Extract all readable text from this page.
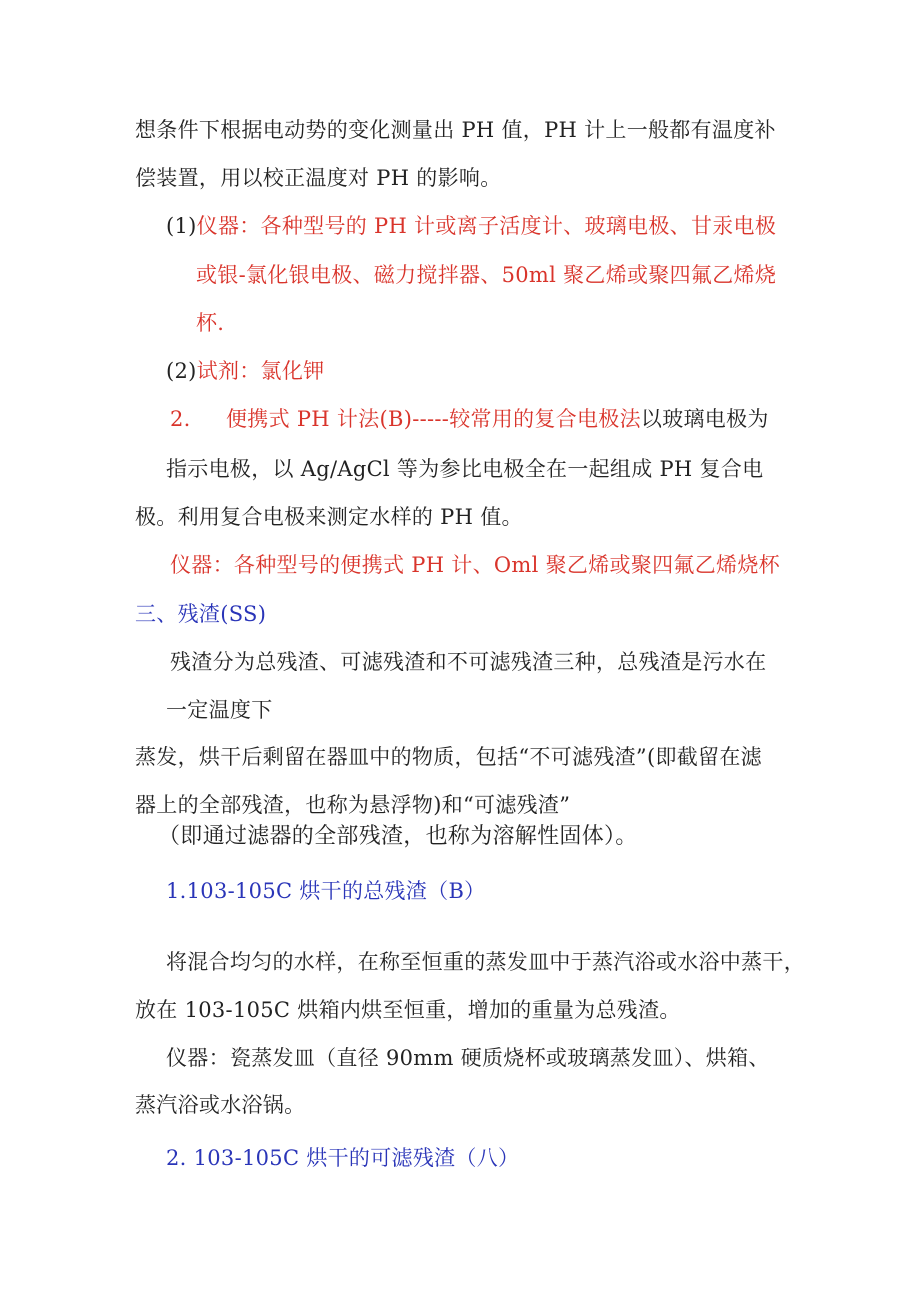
想条件下根据电动势的变化测量出 PH 值，PH 计上一般都有温度补
偿装置，用以校正温度对 PH 的影响。
(1)仪器：各种型号的 PH 计或离子活度计、玻璃电极、甘汞电极
或银-氯化银电极、磁力搅拌器、50ml 聚乙烯或聚四氟乙烯烧
杯.
(2)试剂：氯化钾
2. 便携式 PH 计法(B)-----较常用的复合电极法以玻璃电极为
指示电极，以 Ag/AgCl 等为参比电极全在一起组成 PH 复合电
极。利用复合电极来测定水样的 PH 值。
仪器：各种型号的便携式 PH 计、Oml 聚乙烯或聚四氟乙烯烧杯
三、残渣(SS)
残渣分为总残渣、可滤残渣和不可滤残渣三种，总残渣是污水在
一定温度下
蒸发，烘干后剩留在器皿中的物质，包括“不可滤残渣”(即截留在滤
器上的全部残渣，也称为悬浮物)和“可滤残渣”
（即通过滤器的全部残渣，也称为溶解性固体）。
1.103-105C 烘干的总残渣（B）
将混合均匀的水样，在称至恒重的蒸发皿中于蒸汽浴或水浴中蒸干，
放在 103-105C 烘箱内烘至恒重，增加的重量为总残渣。
仪器：瓷蒸发皿（直径 90mm 硬质烧杯或玻璃蒸发皿）、烘箱、
蒸汽浴或水浴锅。
2. 103-105C 烘干的可滤残渣（八）
